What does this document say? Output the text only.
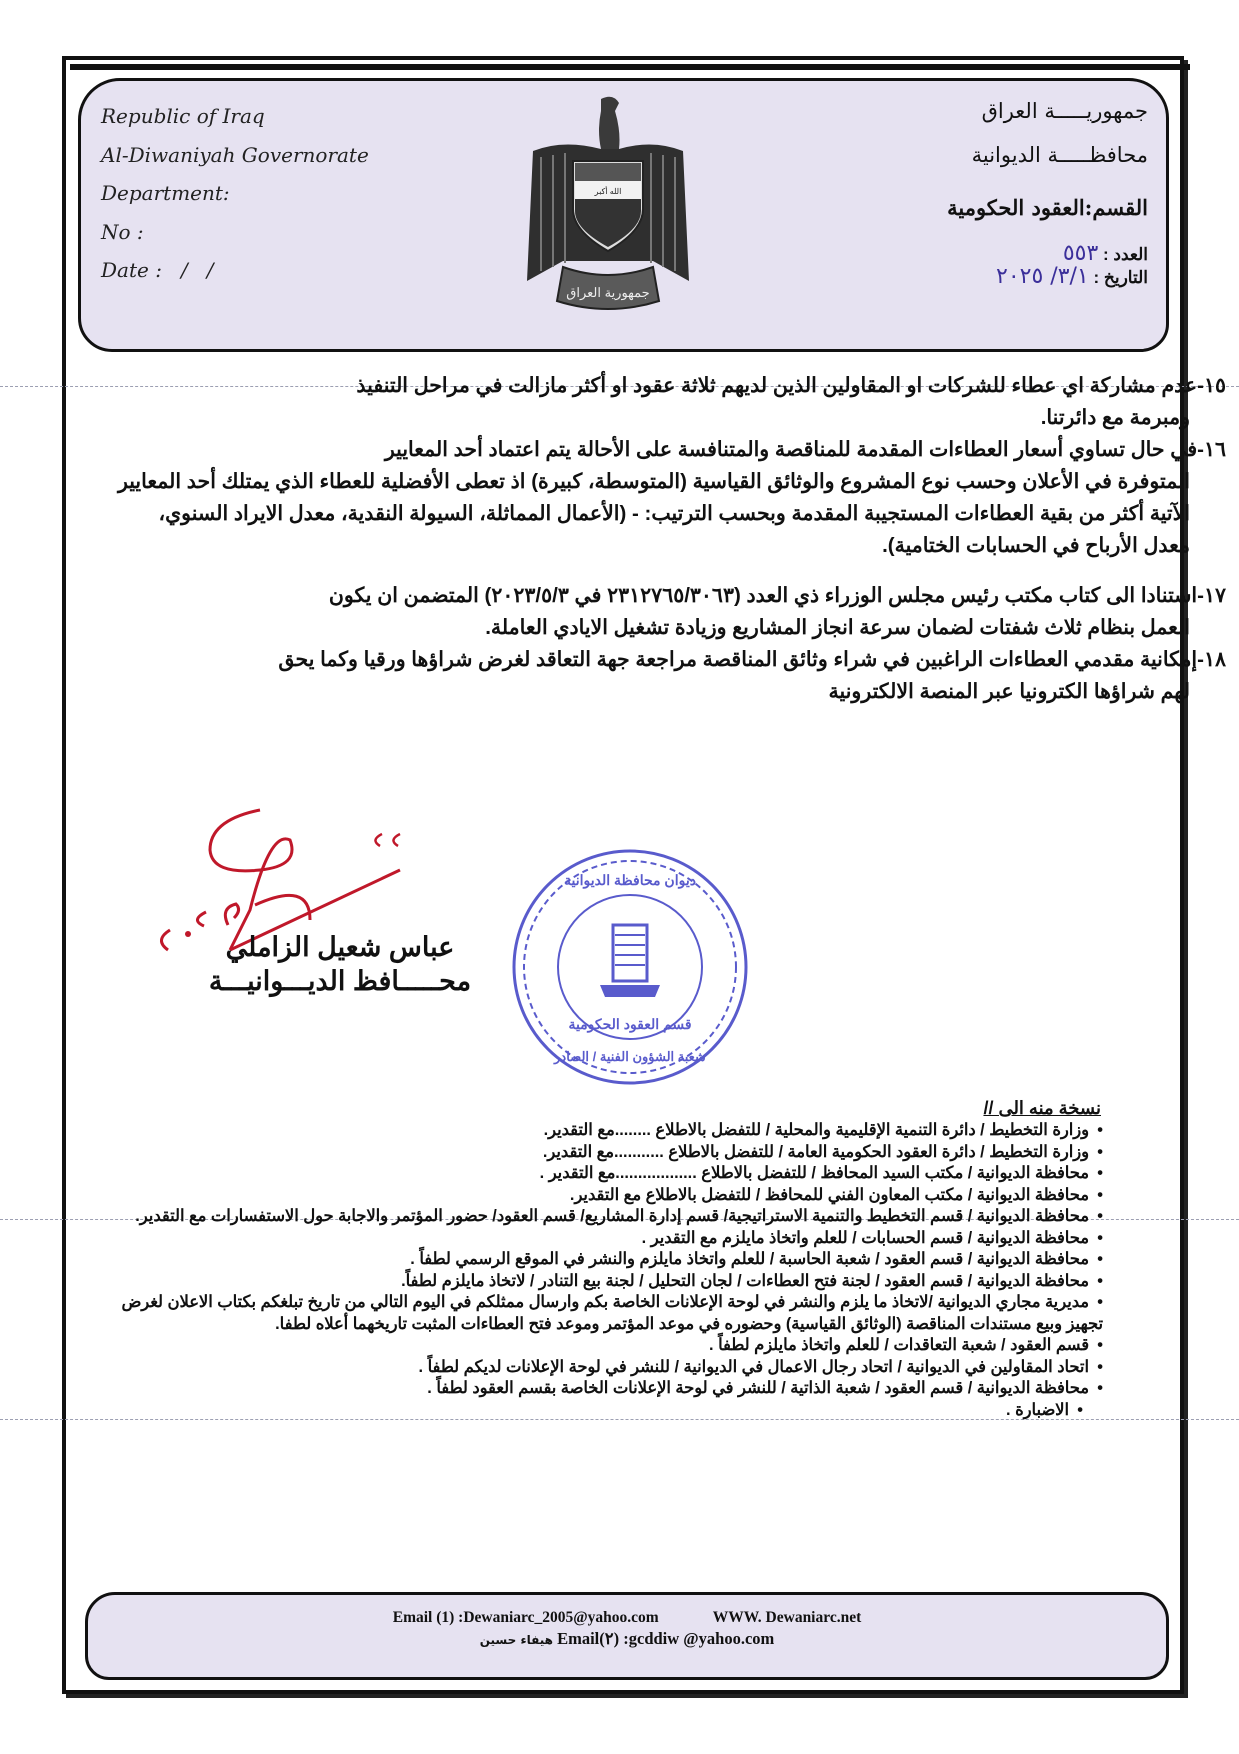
Republic of Iraq
Al-Diwaniyah Governorate
Department:
No :
Date :   /   /
الله أكبر
جمهورية العراق
جمهوريـــــة العراق
محافظـــــة الديوانية
القسم:العقود الحكومية
العدد : ٥٥٣
التاريخ : ٣/١/ ٢٠٢٥

١٥-عدم مشاركة اي عطاء للشركات او المقاولين الذين لديهم ثلاثة عقود او أكثر مازالت في مراحل التنفيذ
ومبرمة مع دائرتنا.

١٦-في حال تساوي أسعار العطاءات المقدمة للمناقصة والمتنافسة على الأحالة يتم اعتماد أحد المعايير
المتوفرة في الأعلان وحسب نوع المشروع والوثائق القياسية (المتوسطة، كبيرة) اذ تعطى الأفضلية للعطاء الذي يمتلك أحد المعايير الآتية أكثر من بقية العطاءات المستجيبة المقدمة وبحسب الترتيب: - (الأعمال المماثلة، السيولة النقدية، معدل الايراد السنوي، معدل الأرباح في الحسابات الختامية).

١٧-استنادا الى كتاب مكتب رئيس مجلس الوزراء ذي العدد (٢٣١٢٧٦٥/٣٠٦٣ في ٢٠٢٣/٥/٣) المتضمن ان يكون
العمل بنظام ثلاث شفتات لضمان سرعة انجاز المشاريع وزيادة تشغيل الايادي العاملة.

١٨-إمكانية مقدمي العطاءات الراغبين في شراء وثائق المناقصة مراجعة جهة التعاقد لغرض شراؤها ورقيا وكما يحق
لهم شراؤها الكترونيا عبر المنصة الالكترونية

عباس شعيل الزاملي
محـــــافظ الديـــوانيـــة
ديوان محافظة الديوانية
قسم العقود الحكومية
شعبة الشؤون الفنية / الصادر
نسخة منه الى //
•وزارة التخطيط / دائرة التنمية الإقليمية والمحلية / للتفضل بالاطلاع ........مع التقدير.
•وزارة التخطيط / دائرة العقود الحكومية العامة / للتفضل بالاطلاع ...........مع التقدير.
•محافظة الديوانية / مكتب السيد المحافظ / للتفضل بالاطلاع ..................مع التقدير .
•محافظة الديوانية / مكتب المعاون الفني للمحافظ / للتفضل بالاطلاع مع التقدير.
•محافظة الديوانية / قسم التخطيط والتنمية الاستراتيجية/ قسم إدارة المشاريع/ قسم العقود/ حضور المؤتمر والاجابة حول الاستفسارات مع التقدير.
•محافظة الديوانية / قسم الحسابات / للعلم واتخاذ مايلزم مع التقدير .
•محافظة الديوانية / قسم العقود / شعبة الحاسبة / للعلم واتخاذ مايلزم والنشر في الموقع الرسمي لطفاً .
•محافظة الديوانية / قسم العقود / لجنة فتح العطاءات / لجان التحليل / لجنة بيع التنادر / لاتخاذ مايلزم لطفاً.
•مديرية مجاري الديوانية /لاتخاذ ما يلزم والنشر في لوحة الإعلانات الخاصة بكم وارسال ممثلكم في اليوم التالي من تاريخ تبلغكم بكتاب الاعلان لغرض تجهيز وبيع مستندات المناقصة (الوثائق القياسية) وحضوره في موعد المؤتمر وموعد فتح العطاءات المثبت تاريخهما أعلاه لطفا.
•قسم العقود / شعبة التعاقدات / للعلم واتخاذ مايلزم لطفاً .
•اتحاد المقاولين في الديوانية / اتحاد رجال الاعمال في الديوانية / للنشر في لوحة الإعلانات لديكم لطفاً .
•محافظة الديوانية / قسم العقود / شعبة الذاتية / للنشر في لوحة الإعلانات الخاصة بقسم العقود لطفاً .
•الاضبارة .
Email (1) :Dewaniarc_2005@yahoo.com	WWW. Dewaniarc.net
هيفاء حسين Email(٢) :gcddiw @yahoo.com
